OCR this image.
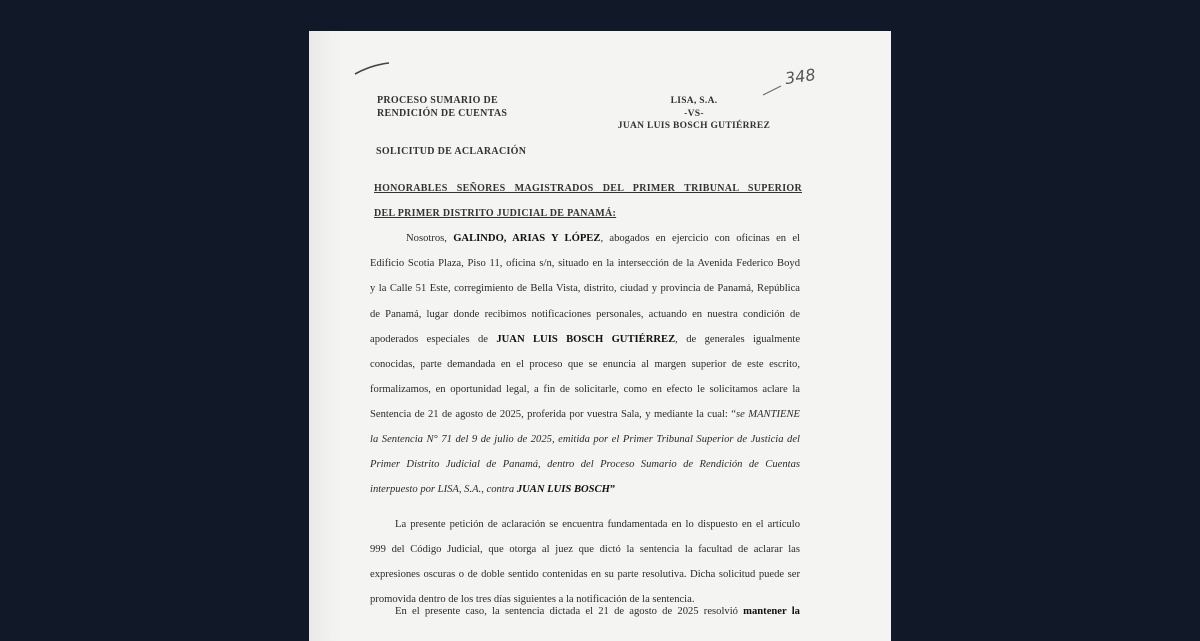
348
PROCESO SUMARIO DE
RENDICIÓN DE CUENTAS
LISA, S.A.
-VS-
JUAN LUIS BOSCH GUTIÉRREZ
SOLICITUD DE ACLARACIÓN
HONORABLES SEÑORES MAGISTRADOS DEL PRIMER TRIBUNAL SUPERIOR
DEL PRIMER DISTRITO JUDICIAL DE PANAMÁ:
Nosotros, GALINDO, ARIAS Y LÓPEZ, abogados en ejercicio con oficinas en el
Edificio Scotia Plaza, Piso 11, oficina s/n, situado en la intersección de la Avenida Federico Boyd
y la Calle 51 Este, corregimiento de Bella Vista, distrito, ciudad y provincia de Panamá, República
de Panamá, lugar donde recibimos notificaciones personales, actuando en nuestra condición de
apoderados especiales de JUAN LUIS BOSCH GUTIÉRREZ, de generales igualmente
conocidas, parte demandada en el proceso que se enuncia al margen superior de este escrito,
formalizamos, en oportunidad legal, a fin de solicitarle, como en efecto le solicitamos aclare la
Sentencia de 21 de agosto de 2025, proferida por vuestra Sala, y mediante la cual: “se MANTIENE
la Sentencia N° 71 del 9 de julio de 2025, emitida por el Primer Tribunal Superior de Justicia del
Primer Distrito Judicial de Panamá, dentro del Proceso Sumario de Rendición de Cuentas
interpuesto por LISA, S.A., contra JUAN LUIS BOSCH”
La presente petición de aclaración se encuentra fundamentada en lo dispuesto en el artículo
999 del Código Judicial, que otorga al juez que dictó la sentencia la facultad de aclarar las
expresiones oscuras o de doble sentido contenidas en su parte resolutiva. Dicha solicitud puede ser
promovida dentro de los tres días siguientes a la notificación de la sentencia.
En el presente caso, la sentencia dictada el 21 de agosto de 2025 resolvió mantener la
